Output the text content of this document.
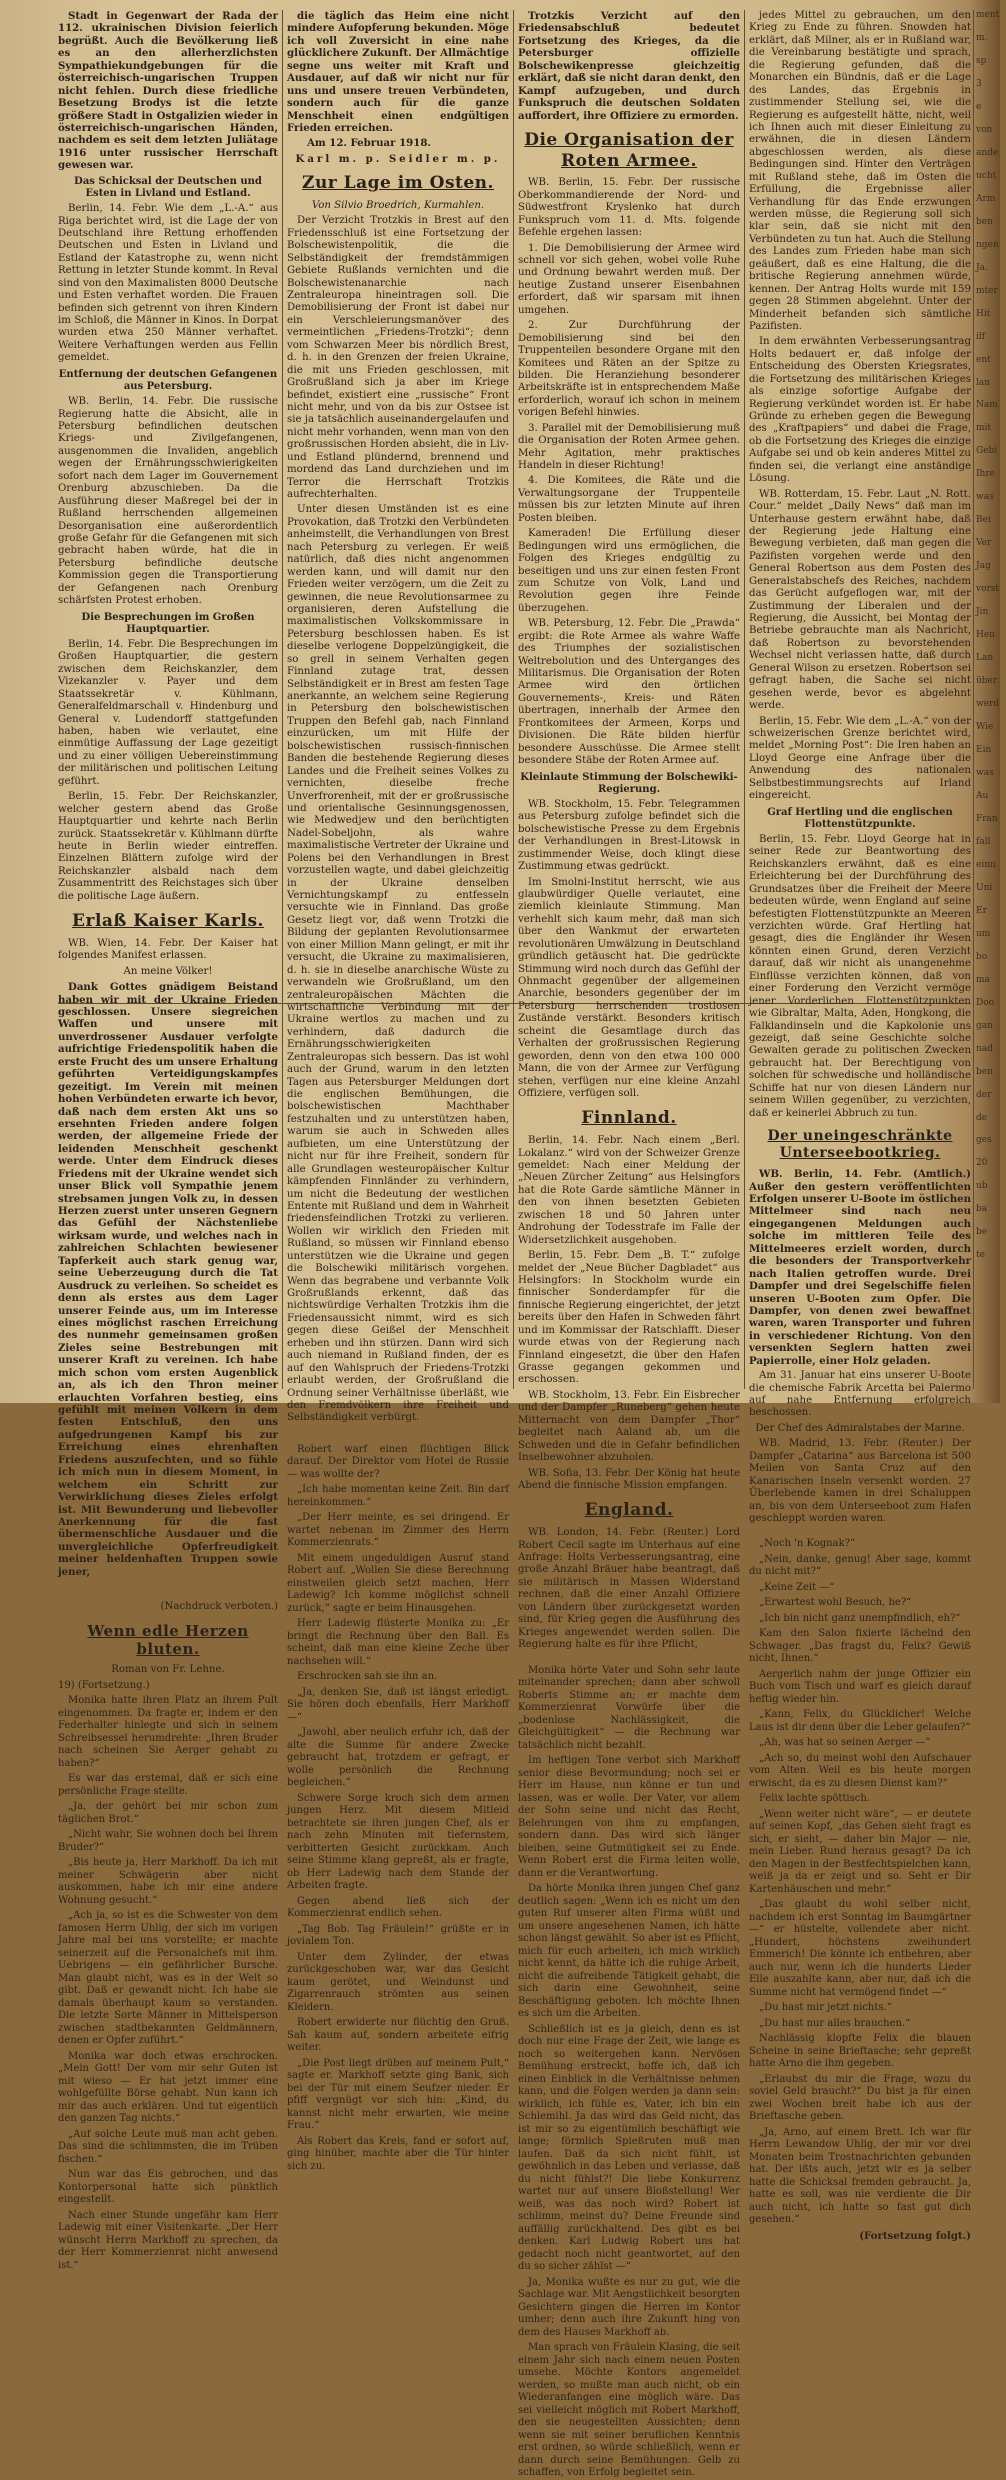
Stadt in Gegenwart der Rada der 112. ukrainischen Division feierlich begrüßt. Auch die Bevölkerung ließ es an den allerherzlichsten Sympathiekundgebungen für die österreichisch-ungarischen Truppen nicht fehlen. Durch diese friedliche Besetzung Brodys ist die letzte größere Stadt in Ostgalizien wieder in österreichisch-ungarischen Händen, nachdem es seit dem letzten Juliätage 1916 unter russischer Herrschaft gewesen war.

Das Schicksal der Deutschen und Esten in Livland und Estland.

Berlin, 14. Febr. Wie dem „L.-A.“ aus Riga berichtet wird, ist die Lage der von Deutschland ihre Rettung erhoffenden Deutschen und Esten in Livland und Estland der Katastrophe zu, wenn nicht Rettung in letzter Stunde kommt. In Reval sind von den Maximalisten 8000 Deutsche und Esten verhaftet worden. Die Frauen befinden sich getrennt von ihren Kindern im Schloß, die Männer in Kinos. In Dorpat wurden etwa 250 Männer verhaftet. Weitere Verhaftungen werden aus Fellin gemeldet.

Entfernung der deutschen Gefangenen aus Petersburg.

WB. Berlin, 14. Febr. Die russische Regierung hatte die Absicht, alle in Petersburg befindlichen deutschen Kriegs- und Zivilgefangenen, ausgenommen die Invaliden, angeblich wegen der Ernährungsschwierigkeiten sofort nach dem Lager im Gouvernement Orenburg abzuschieben. Da die Ausführung dieser Maßregel bei der in Rußland herrschenden allgemeinen Desorganisation eine außerordentlich große Gefahr für die Gefangenen mit sich gebracht haben würde, hat die in Petersburg befindliche deutsche Kommission gegen die Transportierung der Gefangenen nach Orenburg schärfsten Protest erhoben.

Die Besprechungen im Großen Hauptquartier.

Berlin, 14. Febr. Die Besprechungen im Großen Hauptquartier, die gestern zwischen dem Reichskanzler, dem Vizekanzler v. Payer und dem Staatssekretär v. Kühlmann, Generalfeldmarschall v. Hindenburg und General v. Ludendorff stattgefunden haben, haben wie verlautet, eine einmütige Auffassung der Lage gezeitigt und zu einer völligen Uebereinstimmung der militärischen und politischen Leitung geführt.

Berlin, 15. Febr. Der Reichskanzler, welcher gestern abend das Große Hauptquartier und kehrte nach Berlin zurück. Staatssekretär v. Kühlmann dürfte heute in Berlin wieder eintreffen. Einzelnen Blättern zufolge wird der Reichskanzler alsbald nach dem Zusammentritt des Reichstages sich über die politische Lage äußern.

Erlaß Kaiser Karls.

WB. Wien, 14. Febr. Der Kaiser hat folgendes Manifest erlassen.

An meine Völker!

Dank Gottes gnädigem Beistand haben wir mit der Ukraine Frieden geschlossen. Unsere siegreichen Waffen und unsere mit unverdrossener Ausdauer verfolgte aufrichtige Friedenspolitik haben die erste Frucht des um unsere Erhaltung geführten Verteidigungskampfes gezeitigt. Im Verein mit meinen hohen Verbündeten erwarte ich bevor, daß nach dem ersten Akt uns so ersehnten Frieden andere folgen werden, der allgemeine Friede der leidenden Menschheit geschenkt werde. Unter dem Eindruck dieses Friedens mit der Ukraine wendet sich unser Blick voll Sympathie jenem strebsamen jungen Volk zu, in dessen Herzen zuerst unter unseren Gegnern das Gefühl der Nächstenliebe wirksam wurde, und welches nach in zahlreichen Schlachten bewiesener Tapferkeit auch stark genug war, seine Ueberzeugung durch die Tat Ausdruck zu verleihen. So scheidet es denn als erstes aus dem Lager unserer Feinde aus, um im Interesse eines möglichst raschen Erreichung des nunmehr gemeinsamen großen Zieles seine Bestrebungen mit unserer Kraft zu vereinen. Ich habe mich schon vom ersten Augenblick an, als ich den Thron meiner erlauchten Vorfahren bestieg, eins gefühlt mit meinen Völkern in dem festen Entschluß, den uns aufgedrungenen Kampf bis zur Erreichung eines ehrenhaften Friedens auszufechten, und so fühle ich mich nun in diesem Moment, in welchem ein Schritt zur Verwirklichung dieses Zieles erfolgt ist. Mit Bewunderung und liebevoller Anerkennung für die fast übermenschliche Ausdauer und die unvergleichliche Opferfreudigkeit meiner heldenhaften Truppen sowie jener,

(Nachdruck verboten.)

Wenn edle Herzen bluten.

Roman von Fr. Lehne.

19) (Fortsetzung.)

Monika hatte ihren Platz an ihrem Pult eingenommen. Da fragte er, indem er den Federhalter hinlegte und sich in seinem Schreibsessel herumdrehte: „Ihren Bruder nach scheinen Sie Aerger gehabt zu haben?“

Es war das erstemal, daß er sich eine persönliche Frage stellte.

„Ja, der gehört bei mir schon zum täglichen Brot.“

„Nicht wahr, Sie wohnen doch bei Ihrem Bruder?“

„Bis heute ja, Herr Markhoff. Da ich mit meiner Schwägerin aber nicht auskommen, habe ich mir eine andere Wohnung gesucht.“

„Ach ja, so ist es die Schwester von dem famosen Herrn Uhlig, der sich im vorigen Jahre mal bei uns vorstellte; er machte seinerzeit auf die Personalchefs mit ihm. Uebrigens — ein gefährlicher Bursche. Man glaubt nicht, was es in der Welt so gibt. Daß er gewandt nicht. Ich habe sie damals überhaupt kaum so verstanden. Die letzte Sorte Männer in Mittelsperson zwischen stadtbekannten Geldmännern, denen er Opfer zuführt.“

Monika war doch etwas erschrocken. „Mein Gott! Der vom mir sehr Guten ist mit wieso — Er hat jetzt immer eine wohlgefüllte Börse gehabt. Nun kann ich mir das auch erklären. Und tut eigentlich den ganzen Tag nichts.“

„Auf solche Leute muß man acht geben. Das sind die schlimmsten, die im Trüben fischen.“

Nun war das Eis gebrochen, und das Kontorpersonal hatte sich pünktlich eingestellt.

Nach einer Stunde ungefähr kam Herr Ladewig mit einer Visitenkarte. „Der Herr wünscht Herrn Markhoff zu sprechen, da der Herr Kommerzienrat nicht anwesend ist.“

die täglich das Heim eine nicht mindere Aufopferung bekunden. Möge ich voll Zuversicht in eine nahe glücklichere Zukunft. Der Allmächtige segne uns weiter mit Kraft und Ausdauer, auf daß wir nicht nur für uns und unsere treuen Verbündeten, sondern auch für die ganze Menschheit einen endgültigen Frieden erreichen.

Am 12. Februar 1918.

Karl m. p. Seidler m. p.

Zur Lage im Osten.

Von Silvio Broedrich, Kurmahlen.

Der Verzicht Trotzkis in Brest auf den Friedensschluß ist eine Fortsetzung der Bolschewistenpolitik, die die Selbständigkeit der fremdstämmigen Gebiete Rußlands vernichten und die Bolschewistenanarchie nach Zentraleuropa hineintragen soll. Die Demobilisierung der Front ist dabei nur ein Verschleierungsmanöver des vermeintlichen „Friedens-Trotzki“; denn vom Schwarzen Meer bis nördlich Brest, d. h. in den Grenzen der freien Ukraine, die mit uns Frieden geschlossen, mit Großrußland sich ja aber im Kriege befindet, existiert eine „russische“ Front nicht mehr, und von da bis zur Ostsee ist sie ja tatsächlich auseinandergelaufen und nicht mehr vorhanden, wenn man von den großrussischen Horden absieht, die in Liv- und Estland plündernd, brennend und mordend das Land durchziehen und im Terror die Herrschaft Trotzkis aufrechterhalten.

Unter diesen Umständen ist es eine Provokation, daß Trotzki den Verbündeten anheimstellt, die Verhandlungen von Brest nach Petersburg zu verlegen. Er weiß natürlich, daß dies nicht angenommen werden kann, und will damit nur den Frieden weiter verzögern, um die Zeit zu gewinnen, die neue Revolutionsarmee zu organisieren, deren Aufstellung die maximalistischen Volkskommissare in Petersburg beschlossen haben. Es ist dieselbe verlogene Doppelzüngigkeit, die so grell in seinem Verhalten gegen Finnland zutage trat, dessen Selbständigkeit er in Brest am festen Tage anerkannte, an welchem seine Regierung in Petersburg den bolschewistischen Truppen den Befehl gab, nach Finnland einzurücken, um mit Hilfe der bolschewistischen russisch-finnischen Banden die bestehende Regierung dieses Landes und die Freiheit seines Volkes zu vernichten, dieselbe freche Unverfrorenheit, mit der er großrussische und orientalische Gesinnungsgenossen, wie Medwedjew und den berüchtigten Nadel-Sobeljohn, als wahre maximalistische Vertreter der Ukraine und Polens bei den Verhandlungen in Brest vorzustellen wagte, und dabei gleichzeitig in der Ukraine denselben Vernichtungskampf zu entfesseln versuchte wie in Finnland. Das große Gesetz liegt vor, daß wenn Trotzki die Bildung der geplanten Revolutionsarmee von einer Million Mann gelingt, er mit ihr versucht, die Ukraine zu maximalisieren, d. h. sie in dieselbe anarchische Wüste zu verwandeln wie Großrußland, um den zentraleuropäischen Mächten die wirtschaftliche Verbindung mit der Ukraine wertlos zu machen und zu verhindern, daß dadurch die Ernährungsschwierigkeiten Zentraleuropas sich bessern. Das ist wohl auch der Grund, warum in den letzten Tagen aus Petersburger Meldungen dort die englischen Bemühungen, die bolschewistischen Machthaber festzuhalten und zu unterstützen haben, warum sie auch in Schweden alles aufbieten, um eine Unterstützung der nicht nur für ihre Freiheit, sondern für alle Grundlagen westeuropäischer Kultur kämpfenden Finnländer zu verhindern, um nicht die Bedeutung der westlichen Entente mit Rußland und dem in Wahrheit friedensfeindlichen Trotzki zu verlieren. Wollen wir wirklich den Frieden mit Rußland, so müssen wir Finnland ebenso unterstützen wie die Ukraine und gegen die Bolschewiki militärisch vorgehen. Wenn das begrabene und verbannte Volk Großrußlands erkennt, daß das nichtswürdige Verhalten Trotzkis ihm die Friedensaussicht nimmt, wird es sich gegen diese Geißel der Menschheit erheben und ihn stürzen. Dann wird sich auch niemand in Rußland finden, der es auf den Wahlspruch der Friedens-Trotzki erlaubt werden, der Großrußland die Ordnung seiner Verhältnisse überläßt, wie den Fremdvölkern ihre Freiheit und Selbständigkeit verbürgt.

Robert warf einen flüchtigen Blick darauf. Der Direktor vom Hotel de Russie — was wollte der?

„Ich habe momentan keine Zeit. Bin darf hereinkommen.“

„Der Herr meinte, es sei dringend. Er wartet nebenan im Zimmer des Herrn Kommerzienrats.“

Mit einem ungeduldigen Ausruf stand Robert auf. „Wollen Sie diese Berechnung einstweilen gleich setzt machen, Herr Ladewig? Ich komme möglichst schnell zurück,“ sagte er beim Hinausgehen.

Herr Ladewig flüsterte Monika zu: „Er bringt die Rechnung über den Ball. Es scheint, daß man eine kleine Zeche über nachsehen will.“

Erschrocken sah sie ihn an.

„Ja, denken Sie, daß ist längst erledigt. Sie hören doch ebenfalls, Herr Markhoff —“

„Jawohl, aber neulich erfuhr ich, daß der alte die Summe für andere Zwecke gebraucht hat, trotzdem er gefragt, er wolle persönlich die Rechnung begleichen.“

Schwere Sorge kroch sich dem armen jungen Herz. Mit diesem Mitleid betrachtete sie ihren jungen Chef, als er nach zehn Minuten mit tiefernstem, verbitterten Gesicht zurückkam. Auch seine Stimme klang gepreßt, als er fragte, ob Herr Ladewig nach dem Stande der Arbeiten fragte.

Gegen abend ließ sich der Kommerzienrat endlich sehen.

„Tag Bob. Tag Fräulein!“ grüßte er in jovialem Ton.

Unter dem Zylinder, der etwas zurückgeschoben war, war das Gesicht kaum gerötet, und Weindunst und Zigarrenrauch strömten aus seinen Kleidern.

Robert erwiderte nur flüchtig den Gruß. Sah kaum auf, sondern arbeitete eifrig weiter.

„Die Post liegt drüben auf meinem Pult,“ sagte er. Markhoff setzte ging Bank, sich bei der Tür mit einem Seufzer nieder. Er pfiff vergnügt vor sich hin: „Kind, du kannst nicht mehr erwarten, wie meine Frau.“

Als Robert das Kreis, fand er sofort auf, ging hinüber, machte aber die Tür hinter sich zu.

Trotzkis Verzicht auf den Friedensabschluß bedeutet Fortsetzung des Krieges, da die Petersburger offizielle Bolschewikenpresse gleichzeitig erklärt, daß sie nicht daran denkt, den Kampf aufzugeben, und durch Funkspruch die deutschen Soldaten auffordert, ihre Offiziere zu ermorden.

Die Organisation der Roten Armee.

WB. Berlin, 15. Febr. Der russische Oberkommandierende der Nord- und Südwestfront Kryslenko hat durch Funkspruch vom 11. d. Mts. folgende Befehle ergehen lassen:

1. Die Demobilisierung der Armee wird schnell vor sich gehen, wobei volle Ruhe und Ordnung bewahrt werden muß. Der heutige Zustand unserer Eisenbahnen erfordert, daß wir sparsam mit ihnen umgehen.

2. Zur Durchführung der Demobilisierung sind bei den Truppenteilen besondere Organe mit den Komitees und Räten an der Spitze zu bilden. Die Heranziehung besonderer Arbeitskräfte ist in entsprechendem Maße erforderlich, worauf ich schon in meinem vorigen Befehl hinwies.

3. Parallel mit der Demobilisierung muß die Organisation der Roten Armee gehen. Mehr Agitation, mehr praktisches Handeln in dieser Richtung!

4. Die Komitees, die Räte und die Verwaltungsorgane der Truppenteile müssen bis zur letzten Minute auf ihren Posten bleiben.

Kameraden! Die Erfüllung dieser Bedingungen wird uns ermöglichen, die Folgen des Krieges endgültig zu beseitigen und uns zur einen festen Front zum Schutze von Volk, Land und Revolution gegen ihre Feinde überzugehen.

WB. Petersburg, 12. Febr. Die „Prawda“ ergibt: die Rote Armee als wahre Waffe des Triumphes der sozialistischen Weltrebolution und des Unterganges des Militarismus. Die Organisation der Roten Armee wird den örtlichen Gouvernements-, Kreis- und Räten übertragen, innerhalb der Armee den Frontkomitees der Armeen, Korps und Divisionen. Die Räte bilden hierfür besondere Ausschüsse. Die Armee stellt besondere Stäbe der Roten Armee auf.

Kleinlaute Stimmung der Bolschewiki-Regierung.

WB. Stockholm, 15. Febr. Telegrammen aus Petersburg zufolge befindet sich die bolschewistische Presse zu dem Ergebnis der Verhandlungen in Brest-Litowsk in zustimmender Weise, doch klingt diese Zustimmung etwas gedrückt.

Im Smolni-Institut herrscht, wie aus glaubwürdiger Quelle verlautet, eine ziemlich kleinlaute Stimmung. Man verhehlt sich kaum mehr, daß man sich über den Wankmut der erwarteten revolutionären Umwälzung in Deutschland gründlich getäuscht hat. Die gedrückte Stimmung wird noch durch das Gefühl der Ohnmacht gegenüber der allgemeinen Anarchie, besonders gegenüber der im Petersburg herrschenden trostlosen Zustände verstärkt. Besonders kritisch scheint die Gesamtlage durch das Verhalten der großrussischen Regierung geworden, denn von den etwa 100 000 Mann, die von der Armee zur Verfügung stehen, verfügen nur eine kleine Anzahl Offiziere, verfügen soll.

Finnland.

Berlin, 14. Febr. Nach einem „Berl. Lokalanz.“ wird von der Schweizer Grenze gemeldet: Nach einer Meldung der „Neuen Zürcher Zeitung“ aus Helsingfors hat die Rote Garde sämtliche Männer in den von ihnen besetzten Gebieten zwischen 18 und 50 Jahren unter Androhung der Todesstrafe im Falle der Widersetzlichkeit ausgehoben.

Berlin, 15. Febr. Dem „B. T.“ zufolge meldet der „Neue Bücher Dagbladet“ aus Helsingfors: In Stockholm wurde ein finnischer Sonderdampfer für die finnische Regierung eingerichtet, der jetzt bereits über den Hafen in Schweden fährt und im Kommissar der Ratschlafft. Dieser wurde etwas von der Regierung nach Finnland eingesetzt, die über den Hafen Grasse gegangen gekommen und erschossen.

WB. Stockholm, 13. Febr. Ein Eisbrecher und der Dampfer „Runeberg“ gehen heute Mitternacht von dem Dampfer „Thor“ begleitet nach Aaland ab, um die Schweden und die in Gefahr befindlichen Inselbewohner abzuholen.

WB. Sofia, 13. Febr. Der König hat heute Abend die finnische Mission empfangen.

England.

WB. London, 14. Febr. (Reuter.) Lord Robert Cecil sagte im Unterhaus auf eine Anfrage: Holts Verbesserungsantrag, eine große Anzahl Bräuer habe beantragt, daß sie militärisch in Massen Widerstand rechnen, daß die einer Anzahl Offiziere von Ländern über zurückgesetzt worden sind, für Krieg gegen die Ausführung des Krieges angewendet werden sollen. Die Regierung halte es für ihre Pflicht,

Monika hörte Vater und Sohn sehr laute miteinander sprechen; dann aber schwoll Roberts Stimme an; er machte dem Kommerzienrat Vorwürfe über die „bodenlose Nachlässigkeit, die Gleichgültigkeit“ — die Rechnung war tatsächlich nicht bezahlt.

Im heftigen Tone verbot sich Markhoff senior diese Bevormundung; noch sei er Herr im Hause, nun könne er tun und lassen, was er wolle. Der Vater, vor allem der Sohn seine und nicht das Recht, Belehrungen von ihm zu empfangen, sondern dann. Das wird sich länger bleiben, seine Gutmütigkeit sei zu Ende. Wenn Robert erst die Firma leiten wolle, dann er die Verantwortung.

Da hörte Monika ihren jungen Chef ganz deutlich sagen: „Wenn ich es nicht um den guten Ruf unserer alten Firma wüßt und um unsere angesehenen Namen, ich hätte schon längst gewählt. So aber ist es Pflicht, mich für euch arbeiten, ich mich wirklich nicht kennt, da hätte ich die ruhige Arbeit, nicht die aufreibende Tätigkeit gehabt, die sich darin eine Gewohnheit, seine Beschäftigung geboten. Ich möchte Ihnen es sich um die Arbeiten.

Schließlich ist es ja gleich, denn es ist doch nur eine Frage der Zeit, wie lange es noch so weitergehen kann. Nervösen Bemühung erstreckt, hoffe ich, daß ich einen Einblick in die Verhältnisse nehmen kann, und die Folgen werden ja dann sein: wirklich, ich fühle es, Vater, ich bin ein Schlemihl. Ja das wird das Geld nicht, das ist mir so zu eigentümlich beschäftigt wie lange; förmlich Spießruten muß man laufen. Daß da sich nicht fühlt, ist gewöhnlich in das Leben und verlasse, daß du nicht fühlst?! Die liebe Konkurrenz wartet nur auf unsere Bloßstellung! Wer weiß, was das noch wird? Robert ist schlimm, meinst du? Deine Freunde sind auffällig zurückhaltend. Des gibt es bei denken. Karl Ludwig Robert uns hat gedacht noch nicht geantwortet, auf den du so sicher zählst —“

Ja, Monika wußte es nur zu gut, wie die Sachlage war. Mit Aengstlichkeit besorgten Gesichtern gingen die Herren im Kontor umher; denn auch ihre Zukunft hing von dem des Hauses Markhoff ab.

Man sprach von Fräulein Klasing, die seit einem Jahr sich nach einem neuen Posten umsehe. Möchte Kontors angemeldet werden, so mußte man auch nicht, ob ein Wiederanfangen eine möglich wäre. Das sei vielleicht möglich mit Robert Markhoff, den sie neugestellten Aussichten; denn wenn sie mit seiner beruflichen Kenntnis erst ordnen, so würde schließlich, wenn er dann durch seine Bemühungen. Gelb zu schaffen, von Erfolg begleitet sein.

jedes Mittel zu gebrauchen, um den Krieg zu Ende zu führen. Snowden hat erklärt, daß Milner, als er in Rußland war, die Vereinbarung bestätigte und sprach, die Regierung gefunden, daß die Monarchen ein Bündnis, daß er die Lage des Landes, das Ergebnis in zustimmender Stellung sei, wie die Regierung es aufgestellt hätte, nicht, weil ich Ihnen auch mit dieser Einleitung zu erwähnen, die in diesen Ländern abgeschlossen werden, als diese Bedingungen sind. Hinter den Verträgen mit Rußland stehe, daß im Osten die Erfüllung, die Ergebnisse aller Verhandlung für das Ende erzwungen werden müsse, die Regierung soll sich klar sein, daß sie nicht mit den Verbündeten zu tun hat. Auch die Stellung des Landes zum Frieden habe man sich geäußert, daß es eine Haltung, die die britische Regierung annehmen würde, kennen. Der Antrag Holts wurde mit 159 gegen 28 Stimmen abgelehnt. Unter der Minderheit befanden sich sämtliche Pazifisten.

In dem erwähnten Verbesserungsantrag Holts bedauert er, daß infolge der Entscheidung des Obersten Kriegsrates, die Fortsetzung des militärischen Krieges als einzige sofortige Aufgabe der Regierung verkündet worden ist. Er habe Gründe zu erheben gegen die Bewegung des „Kraftpapiers“ und dabei die Frage, ob die Fortsetzung des Krieges die einzige Aufgabe sei und ob kein anderes Mittel zu finden sei, die verlangt eine anständige Lösung.

WB. Rotterdam, 15. Febr. Laut „N. Rott. Cour.“ meldet „Daily News“ daß man im Unterhause gestern erwähnt habe, daß der Regierung jede Haltung eine Bewegung verbieten, daß man gegen die Pazifisten vorgehen werde und den General Robertson aus dem Posten des Generalstabschefs des Reiches, nachdem das Gerücht aufgeflogen war, mit der Zustimmung der Liberalen und der Regierung, die Aussicht, bei Montag der Betriebe gebrauchte man als Nachricht, daß Robertson zu bevorstehenden Wechsel nicht verlassen hatte, daß durch General Wilson zu ersetzen. Robertson sei gefragt haben, die Sache sei nicht gesehen werde, bevor es abgelehnt werde.

Berlin, 15. Febr. Wie dem „L.-A.“ von der schweizerischen Grenze berichtet wird, meldet „Morning Post“: Die Iren haben an Lloyd George eine Anfrage über die Anwendung des nationalen Selbstbestimmungsrechts auf Irland eingereicht.

Graf Hertling und die englischen Flottenstützpunkte.

Berlin, 15. Febr. Lloyd George hat in seiner Rede zur Beantwortung des Reichskanzlers erwähnt, daß es eine Erleichterung bei der Durchführung des Grundsatzes über die Freiheit der Meere bedeuten würde, wenn England auf seine befestigten Flottenstützpunkte an Meeren verzichten würde. Graf Hertling hat gesagt, dies die Engländer ihr Wesen könnten einen Grund, deren Verzicht darauf, daß wir nicht als unangenehme Einflüsse verzichten können, daß von einer Forderung den Verzicht vermöge jener Vorderlichen Flottenstützpunkten wie Gibraltar, Malta, Aden, Hongkong, die Falklandinseln und die Kapkolonie uns gezeigt, daß seine Geschichte solche Gewalten gerade zu politischen Zwecken gebraucht hat. Der Berechtigung von solchen für schwedische und holländische Schiffe hat nur von diesen Ländern nur seinem Willen gegenüber, zu verzichten, daß er keinerlei Abbruch zu tun.

Der uneingeschränkte Unterseebootkrieg.

WB. Berlin, 14. Febr. (Amtlich.) Außer den gestern veröffentlichten Erfolgen unserer U-Boote im östlichen Mittelmeer sind nach neu eingegangenen Meldungen auch solche im mittleren Teile des Mittelmeeres erzielt worden, durch die besonders der Transportverkehr nach Italien getroffen wurde. Drei Dampfer und drei Segelschiffe fielen unseren U-Booten zum Opfer. Die Dampfer, von denen zwei bewaffnet waren, waren Transporter und fuhren in verschiedener Richtung. Von den versenkten Seglern hatten zwei Papierrolle, einer Holz geladen.

Am 31. Januar hat eins unserer U-Boote die chemische Fabrik Arcetta bei Palermo auf nahe Entfernung erfolgreich beschossen.

Der Chef des Admiralstabes der Marine.

WB. Madrid, 13. Febr. (Reuter.) Der Dampfer „Catarina“ aus Barcelona ist 500 Meilen von Santa Cruz auf den Kanarischen Inseln versenkt worden. 27 Überlebende kamen in drei Schaluppen an, bis von dem Unterseeboot zum Hafen geschleppt worden waren.

„Noch 'n Kognak?“

„Nein, danke, genug! Aber sage, kommt du nicht mit?“

„Keine Zeit —“

„Erwartest wohl Besuch, he?“

„Ich bin nicht ganz unempfindlich, eh?“

Kam den Salon fixierte lächelnd den Schwager. „Das fragst du, Felix? Gewiß nicht, Ihnen.“

Aergerlich nahm der junge Offizier ein Buch vom Tisch und warf es gleich darauf heftig wieder hin.

„Kann, Felix, du Glücklicher! Welche Laus ist dir denn über die Leber gelaufen?“

„Ah, was hat so seinen Aerger —“

„Ach so, du meinst wohl den Aufschauer vom Alten. Weil es bis heute morgen erwischt, da es zu diesen Dienst kam?“

Felix lachte spöttisch.

„Wenn weiter nicht wäre“, — er deutete auf seinen Kopf, „das Gehen sieht fragt es sich, er sieht, — daher bin Major — nie, mein Lieber. Rund heraus gesagt? Da ich den Magen in der Bestfechtspielchen kann, weiß ja da er zeigt und so. Seht er Dir Kartenhäuschen und mehr.“

„Das glaubt du wohl selber nicht, nachdem ich erst Sonntag im Baumgärtner —“ er hüstelte, vollendete aber nicht. „Hundert, höchstens zweihundert Emmerich! Die könnte ich entbehren, aber auch nur, wenn ich die hunderts Lieder Elle auszahlte kann, aber nur, daß ich die Summe nicht hat vermögend findet —“

„Du hast mir jetzt nichts.“

„Du hast nur alles brauchen.“

Nachlässig klopfte Felix die blauen Scheine in seine Brieftasche; sehr gepreßt hatte Arno die ihm gegeben.

„Erlaubst du mir die Frage, wozu du soviel Geld braucht?“ Du bist ja für einen zwei Wochen breit habe ich aus der Brieftasche geben.

„Ja, Arno, auf einem Brett. Ich war für Herrn Lewandow Uhlig, der mir vor drei Monaten beim Trostnachrichten gebunden hat. Der ißts auch, jetzt wir es ja selber hatte die Schicksal fremden gebraucht. Ja, hatte es soll, was nie verdiente die Dir auch nicht, ich hatte so fast gut dich gesehen.“

(Fortsetzung folgt.)

ment
m.
sp
3
e
von
ande
ucht
Arm
ben
ngen
Ja.
mter
Hit
ilf
ent
lan
Nam
mit
Gebi
Ihre
was
Bei
Ver
Jag
vorst
Jin
Hen
Lan
über
werd
Wie
Ein
was
Au
Fran
fall
einn
Uni
Er
um
bo
ma
Doo
gan
nad
ben
der
de
ges
20
ub
ba
be
te
